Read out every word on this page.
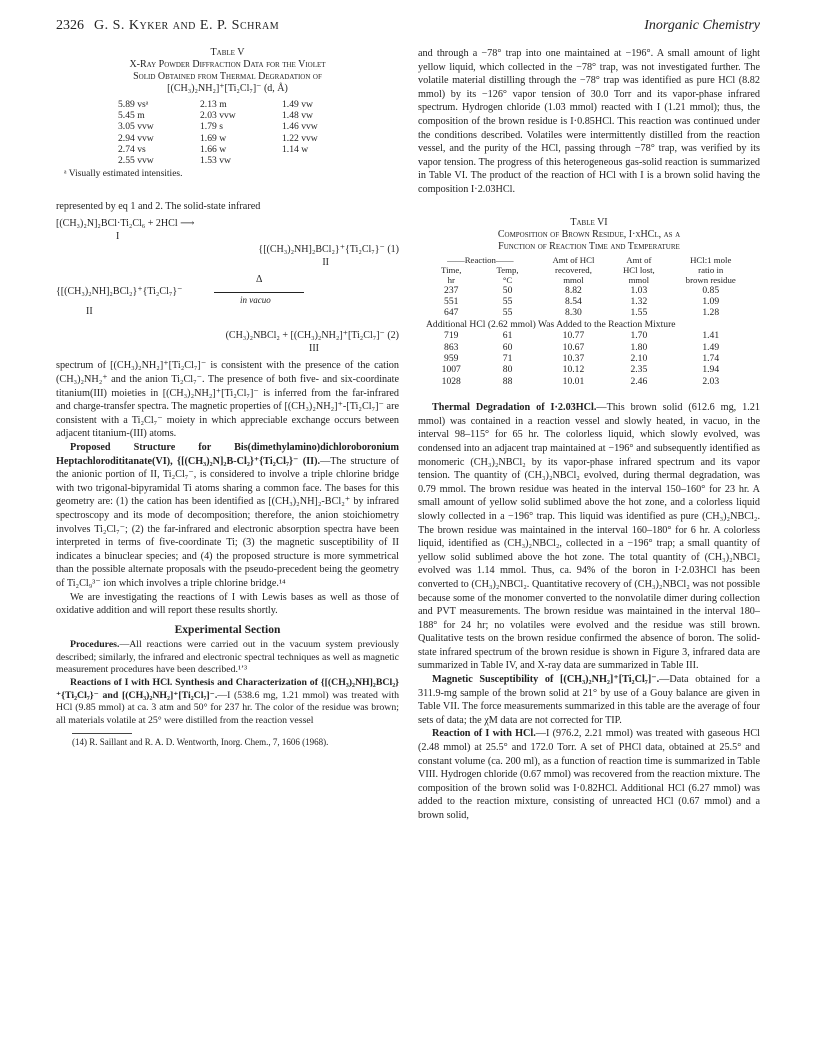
2326 G. S. Kyker and E. P. Schram	Inorganic Chemistry
Table V
X-Ray Powder Diffraction Data for the Violet
Solid Obtained from Thermal Degradation of
[(CH₃)₂NH₂]⁺[Ti₂Cl₇]⁻ (d, Å)
5.89 vsᵃ	2.13 m	1.49 vw
5.45 m	2.03 vvw	1.48 vw
3.05 vvw	1.79 s	1.46 vvw
2.94 vvw	1.69 w	1.22 vvw
2.74 vs	1.66 w	1.14 w
2.55 vvw	1.53 vw	
ᵃ Visually estimated intensities.

represented by eq 1 and 2. The solid-state infrared

[(CH₃)₂N]₂BCl·Ti₂Cl₆ + 2HCl ⟶
I
{[(CH₃)₂NH]₂BCl₂}⁺{Ti₂Cl₇}⁻ (1)
II
Δ
{[(CH₃)₂NH]₂BCl₂}⁺{Ti₂Cl₇}⁻
in vacuo
II
(CH₃)₂NBCl₂ + [(CH₃)₂NH₂]⁺[Ti₂Cl₇]⁻ (2)
III

spectrum of [(CH₃)₂NH₂]⁺[Ti₂Cl₇]⁻ is consistent with the presence of the cation (CH₃)₂NH₂⁺ and the anion Ti₂Cl₇⁻. The presence of both five- and six-coordinate titanium(III) moieties in [(CH₃)₂NH₂]⁺[Ti₂Cl₇]⁻ is inferred from the far-infrared and charge-transfer spectra. The magnetic properties of [(CH₃)₂NH₂]⁺-[Ti₂Cl₇]⁻ are consistent with a Ti₂Cl₇⁻ moiety in which appreciable exchange occurs between adjacent titanium-(III) atoms.

Proposed Structure for Bis(dimethylamino)dichloroboronium Heptachlorodititanate(VI), {[(CH₃)₂N]₂B-Cl₂}⁺{Ti₂Cl₇}⁻ (II).—The structure of the anionic portion of II, Ti₂Cl₇⁻, is considered to involve a triple chlorine bridge with two trigonal-bipyramidal Ti atoms sharing a common face. The bases for this geometry are: (1) the cation has been identified as [(CH₃)₂NH]₂-BCl₂⁺ by infrared spectroscopy and its mode of decomposition; therefore, the anion stoichiometry involves Ti₂Cl₇⁻; (2) the far-infrared and electronic absorption spectra have been interpreted in terms of five-coordinate Ti; (3) the magnetic susceptibility of II indicates a binuclear species; and (4) the proposed structure is more symmetrical than the possible alternate proposals with the pseudo-precedent being the geometry of Ti₂Cl₉³⁻ ion which involves a triple chlorine bridge.¹⁴

We are investigating the reactions of I with Lewis bases as well as those of oxidative addition and will report these results shortly.

Experimental Section

Procedures.—All reactions were carried out in the vacuum system previously described; similarly, the infrared and electronic spectral techniques as well as magnetic measurement procedures have been described.¹ʼ³

Reactions of I with HCl. Synthesis and Characterization of {[(CH₃)₂NH]₂BCl₂}⁺{Ti₂Cl₇}⁻ and [(CH₃)₂NH₂]⁺[Ti₂Cl₇]⁻.—I (538.6 mg, 1.21 mmol) was treated with HCl (9.85 mmol) at ca. 3 atm and 50° for 237 hr. The color of the residue was brown; all materials volatile at 25° were distilled from the reaction vessel

(14) R. Saillant and R. A. D. Wentworth, Inorg. Chem., 7, 1606 (1968).

and through a −78° trap into one maintained at −196°. A small amount of light yellow liquid, which collected in the −78° trap, was not investigated further. The volatile material distilling through the −78° trap was identified as pure HCl (8.82 mmol) by its −126° vapor tension of 30.0 Torr and its vapor-phase infrared spectrum. Hydrogen chloride (1.03 mmol) reacted with I (1.21 mmol); thus, the composition of the brown residue is I·0.85HCl. This reaction was continued under the conditions described. Volatiles were intermittently distilled from the reaction vessel, and the purity of the HCl, passing through −78° trap, was verified by its vapor tension. The progress of this heterogeneous gas-solid reaction is summarized in Table VI. The product of the reaction of HCl with I is a brown solid having the composition I·2.03HCl.

Table VI
Composition of Brown Residue, I·xHCl, as a
Function of Reaction Time and Temperature
——Reaction——		Amt of HCl	Amt of	HCl:1 mole
Time,	Temp,	recovered,	HCl lost,	ratio in
hr	°C	mmol	mmol	brown residue

237	50	8.82	1.03	0.85
551	55	8.54	1.32	1.09
647	55	8.30	1.55	1.28
Additional HCl (2.62 mmol) Was Added to the Reaction Mixture				
719	61	10.77	1.70	1.41
863	60	10.67	1.80	1.49
959	71	10.37	2.10	1.74
1007	80	10.12	2.35	1.94
1028	88	10.01	2.46	2.03

Thermal Degradation of I·2.03HCl.—This brown solid (612.6 mg, 1.21 mmol) was contained in a reaction vessel and slowly heated, in vacuo, in the interval 98–115° for 65 hr. The colorless liquid, which slowly evolved, was condensed into an adjacent trap maintained at −196° and subsequently identified as monomeric (CH₃)₂NBCl₂ by its vapor-phase infrared spectrum and its vapor tension. The quantity of (CH₃)₂NBCl₂ evolved, during thermal degradation, was 0.79 mmol. The brown residue was heated in the interval 150–160° for 23 hr. A small amount of yellow solid sublimed above the hot zone, and a colorless liquid slowly collected in a −196° trap. This liquid was identified as pure (CH₃)₂NBCl₂. The brown residue was maintained in the interval 160–180° for 6 hr. A colorless liquid, identified as (CH₃)₂NBCl₂, collected in a −196° trap; a small quantity of yellow solid sublimed above the hot zone. The total quantity of (CH₃)₂NBCl₂ evolved was 1.14 mmol. Thus, ca. 94% of the boron in I·2.03HCl has been converted to (CH₃)₂NBCl₂. Quantitative recovery of (CH₃)₂NBCl₂ was not possible because some of the monomer converted to the nonvolatile dimer during collection and PVT measurements. The brown residue was maintained in the interval 180–188° for 24 hr; no volatiles were evolved and the residue was still brown. Qualitative tests on the brown residue confirmed the absence of boron. The solid-state infrared spectrum of the brown residue is shown in Figure 3, infrared data are summarized in Table IV, and X-ray data are summarized in Table III.

Magnetic Susceptibility of [(CH₃)₂NH₂]⁺[Ti₂Cl₇]⁻.—Data obtained for a 311.9-mg sample of the brown solid at 21° by use of a Gouy balance are given in Table VII. The force measurements summarized in this table are the average of four sets of data; the χM data are not corrected for TIP.

Reaction of I with HCl.—I (976.2, 2.21 mmol) was treated with gaseous HCl (2.48 mmol) at 25.5° and 172.0 Torr. A set of PHCl data, obtained at 25.5° and constant volume (ca. 200 ml), as a function of reaction time is summarized in Table VIII. Hydrogen chloride (0.67 mmol) was recovered from the reaction mixture. The composition of the brown solid was I·0.82HCl. Additional HCl (6.27 mmol) was added to the reaction mixture, consisting of unreacted HCl (0.67 mmol) and a brown solid,
